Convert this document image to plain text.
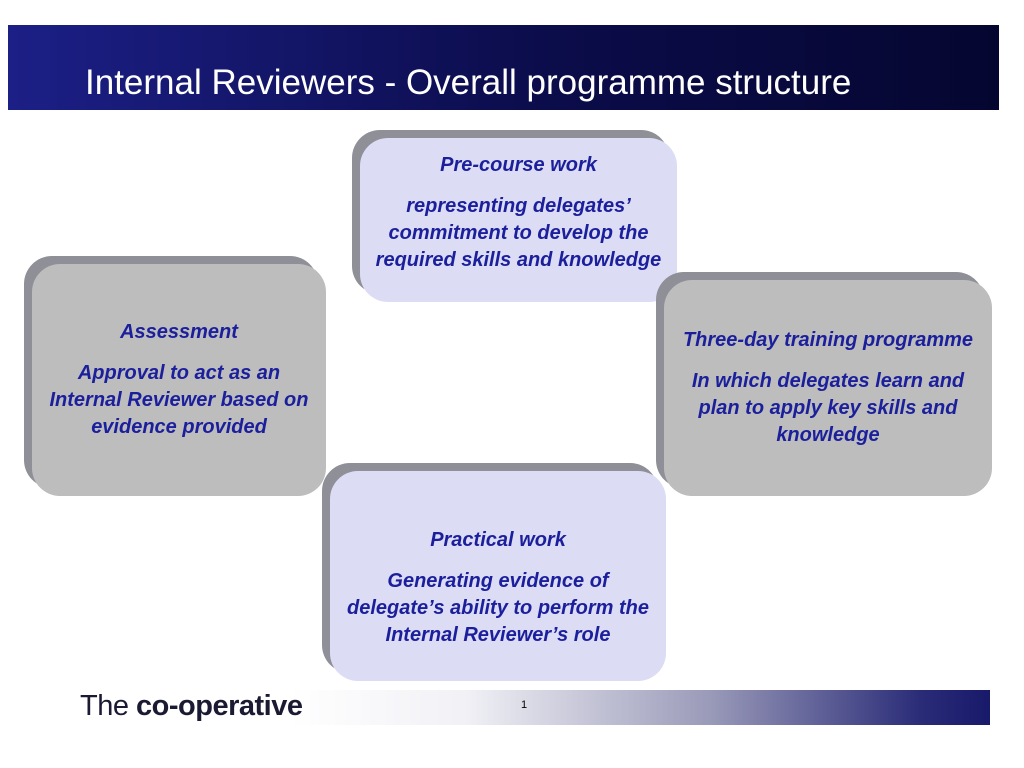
Internal Reviewers - Overall programme structure

Pre-course work

representing delegates’ commitment to develop the required skills and knowledge

Assessment

Approval to act as an Internal Reviewer based on evidence provided

Three-day training programme

In which delegates learn and plan to apply key skills and knowledge

Practical work

Generating evidence of delegate’s ability to perform the Internal Reviewer’s role

1
The co-operative
